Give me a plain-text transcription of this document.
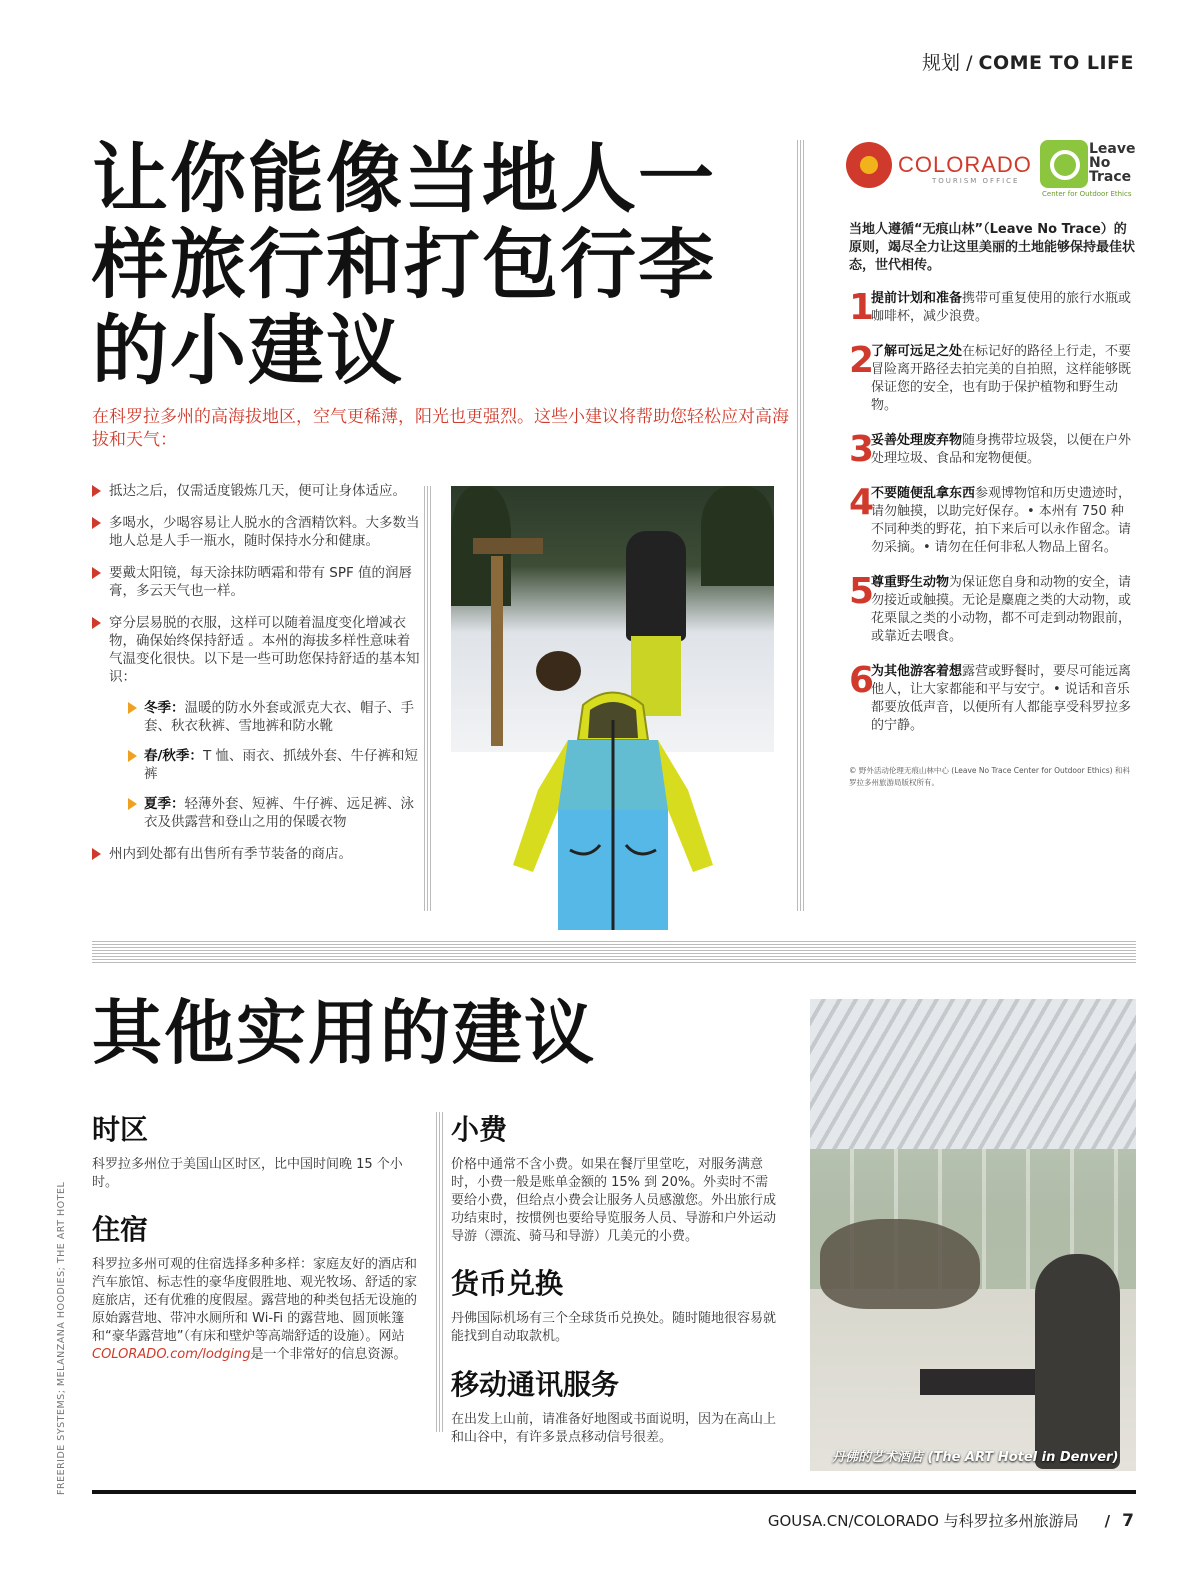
规划 / COME TO LIFE
让你能像当地人一样旅行和打包行李的小建议

在科罗拉多州的高海拔地区，空气更稀薄，阳光也更强烈。这些小建议将帮助您轻松应对高海拔和天气：

抵达之后，仅需适度锻炼几天，便可让身体适应。
多喝水，少喝容易让人脱水的含酒精饮料。大多数当地人总是人手一瓶水，随时保持水分和健康。
要戴太阳镜，每天涂抹防晒霜和带有 SPF 值的润唇膏，多云天气也一样。
穿分层易脱的衣服，这样可以随着温度变化增减衣物，确保始终保持舒适 。本州的海拔多样性意味着气温变化很快。以下是一些可助您保持舒适的基本知识：
冬季：温暖的防水外套或派克大衣、帽子、手套、秋衣秋裤、雪地裤和防水靴
春/秋季：T 恤、雨衣、抓绒外套、牛仔裤和短裤
夏季：轻薄外套、短裤、牛仔裤、远足裤、泳衣及供露营和登山之用的保暖衣物
州内到处都有出售所有季节装备的商店。
COLORADO
TOURISM OFFICE
Leave
No
Trace
Center for Outdoor Ethics

当地人遵循“无痕山林”（Leave No Trace）的原则，竭尽全力让这里美丽的土地能够保持最佳状态，世代相传。

1
提前计划和准备携带可重复使用的旅行水瓶或咖啡杯，减少浪费。
2
了解可远足之处在标记好的路径上行走，不要冒险离开路径去拍完美的自拍照，这样能够既保证您的安全，也有助于保护植物和野生动物。
3
妥善处理废弃物随身携带垃圾袋，以便在户外处理垃圾、食品和宠物便便。
4
不要随便乱拿东西参观博物馆和历史遗迹时，请勿触摸，以助完好保存。• 本州有 750 种不同种类的野花，拍下来后可以永作留念。请勿采摘。• 请勿在任何非私人物品上留名。
5
尊重野生动物为保证您自身和动物的安全，请勿接近或触摸。无论是麋鹿之类的大动物，或花栗鼠之类的小动物，都不可走到动物跟前，或靠近去喂食。
6
为其他游客着想露营或野餐时，要尽可能远离他人，让大家都能和平与安宁。• 说话和音乐都要放低声音，以便所有人都能享受科罗拉多的宁静。

© 野外活动伦理无痕山林中心 (Leave No Trace Center for Outdoor Ethics) 和科罗拉多州旅游局版权所有。

其他实用的建议
时区

科罗拉多州位于美国山区时区，比中国时间晚 15 个小时。

住宿

科罗拉多州可观的住宿选择多种多样：家庭友好的酒店和汽车旅馆、标志性的豪华度假胜地、观光牧场、舒适的家庭旅店，还有优雅的度假屋。露营地的种类包括无设施的原始露营地、带冲水厕所和 Wi-Fi 的露营地、圆顶帐篷和“豪华露营地”（有床和壁炉等高端舒适的设施）。网站 COLORADO.com/lodging是一个非常好的信息资源。

小费

价格中通常不含小费。如果在餐厅里堂吃，对服务满意时，小费一般是账单金额的 15% 到 20%。外卖时不需要给小费，但给点小费会让服务人员感激您。外出旅行成功结束时，按惯例也要给导览服务人员、导游和户外运动导游（漂流、骑马和导游）几美元的小费。

货币兑换

丹佛国际机场有三个全球货币兑换处。随时随地很容易就能找到自动取款机。

移动通讯服务

在出发上山前，请准备好地图或书面说明，因为在高山上和山谷中，有许多景点移动信号很差。

丹佛的艺术酒店 (The ART Hotel in Denver)
FREERIDE SYSTEMS; MELANZANA HOODIES; THE ART HOTEL
GOUSA.CN/COLORADO 与科罗拉多州旅游局 / 7
